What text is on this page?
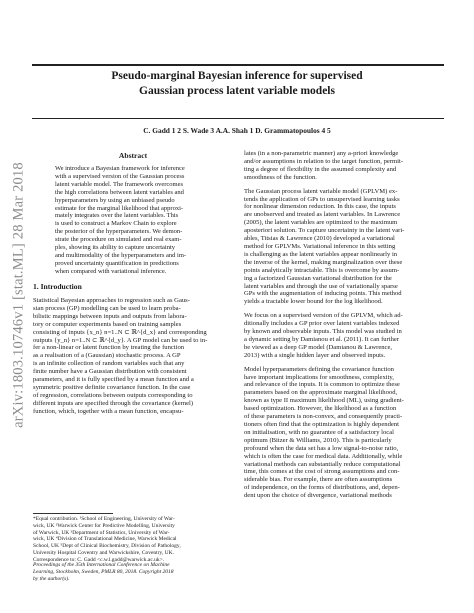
arXiv:1803.10746v1 [stat.ML] 28 Mar 2018
Pseudo-marginal Bayesian inference for supervised
Gaussian process latent variable models
C. Gadd 1 2 S. Wade 3 A.A. Shah 1 D. Grammatopoulos 4 5
Abstract
We introduce a Bayesian framework for inference
with a supervised version of the Gaussian process
latent variable model. The framework overcomes
the high correlations between latent variables and
hyperparameters by using an unbiased pseudo
estimate for the marginal likelihood that approxi-
mately integrates over the latent variables. This
is used to construct a Markov Chain to explore
the posterior of the hyperparameters. We demon-
strate the procedure on simulated and real exam-
ples, showing its ability to capture uncertainty
and multimodality of the hyperparameters and im-
proved uncertainty quantification in predictions
when compared with variational inference.
1. Introduction
Statistical Bayesian approaches to regression such as Gaus-
sian process (GP) modelling can be used to learn proba-
bilistic mappings between inputs and outputs from labora-
tory or computer experiments based on training samples
consisting of inputs {x_n} n=1..N ⊂ ℝ^{d_x} and corresponding
outputs {y_n} n=1..N ⊂ ℝ^{d_y}. A GP model can be used to in-
fer a non-linear or latent function by treating the function
as a realisation of a (Gaussian) stochastic process. A GP
is an infinite collection of random variables such that any
finite number have a Gaussian distribution with consistent
parameters, and it is fully specified by a mean function and a
symmetric positive definite covariance function. In the case
of regression, correlations between outputs corresponding to
different inputs are specified through the covariance (kernel)
function, which, together with a mean function, encapsu-
*Equal contribution. ¹School of Engineering, University of War-
wick, UK ²Warwick Center for Predictive Modelling, University
of Warwick, UK ³Department of Statistics, University of War-
wick, UK ⁴Division of Translational Medicine, Warwick Medical
School, UK ⁵Dept of Clinical Biochemistry, Division of Pathology,
University Hospital Coventry and Warwickshire, Coventry, UK.
Correspondence to: C. Gadd <c.w.l.gadd@warwick.ac.uk>.
Proceedings of the 35th International Conference on Machine
Learning, Stockholm, Sweden, PMLR 80, 2018. Copyright 2018
by the author(s).
lates (in a non-parametric manner) any a-priori knowledge
and/or assumptions in relation to the target function, permit-
ting a degree of flexibility in the assumed complexity and
smoothness of the function.
The Gaussian process latent variable model (GPLVM) ex-
tends the application of GPs to unsupervised learning tasks
for nonlinear dimension reduction. In this case, the inputs
are unobserved and treated as latent variables. In Lawrence
(2005), the latent variables are optimized to the maximum
aposteriori solution. To capture uncertainty in the latent vari-
ables, Titsias & Lawrence (2010) developed a variational
method for GPLVMs. Variational inference in this setting
is challenging as the latent variables appear nonlinearly in
the inverse of the kernel, making marginalization over these
points analytically intractable. This is overcome by assum-
ing a factorized Gaussian variational distribution for the
latent variables and through the use of variationally sparse
GPs with the augmentation of inducing points. This method
yields a tractable lower bound for the log likelihood.
We focus on a supervised version of the GPLVM, which ad-
ditionally includes a GP prior over latent variables indexed
by known and observable inputs. This model was studied in
a dynamic setting by Damianou et al. (2011). It can further
be viewed as a deep GP model (Damianou & Lawrence,
2013) with a single hidden layer and observed inputs.
Model hyperparameters defining the covariance function
have important implications for smoothness, complexity,
and relevance of the inputs. It is common to optimize these
parameters based on the approximate marginal likelihood,
known as type II maximum likelihood (ML), using gradient-
based optimization. However, the likelihood as a function
of these parameters is non-convex, and consequently practi-
tioners often find that the optimization is highly dependent
on initialisation, with no guarantee of a satisfactory local
optimum (Bitzer & Williams, 2010). This is particularly
profound when the data set has a low signal-to-noise ratio,
which is often the case for medical data. Additionally, while
variational methods can substantially reduce computational
time, this comes at the cost of strong assumptions and con-
siderable bias. For example, there are often assumptions
of independence, on the forms of distributions, and, depen-
dent upon the choice of divergence, variational methods
